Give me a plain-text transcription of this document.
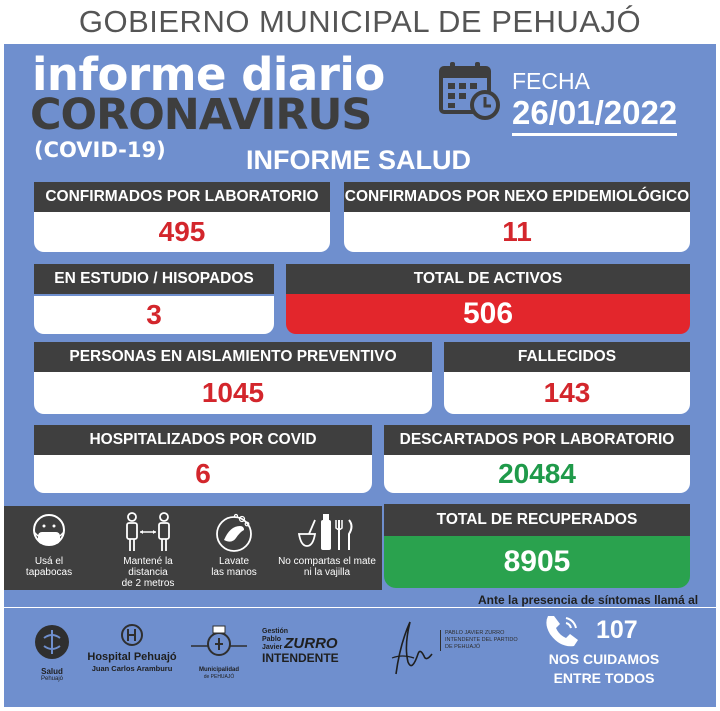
GOBIERNO MUNICIPAL DE PEHUAJÓ
informe diario
CORONAVIRUS
(COVID-19)
FECHA
26/01/2022
INFORME SALUD
CONFIRMADOS POR LABORATORIO
495
CONFIRMADOS POR NEXO EPIDEMIOLÓGICO
11
EN ESTUDIO / HISOPADOS
3
TOTAL DE ACTIVOS
506
PERSONAS EN AISLAMIENTO PREVENTIVO
1045
FALLECIDOS
143
HOSPITALIZADOS POR COVID
6
DESCARTADOS POR LABORATORIO
20484
Usá el
tapabocas
Mantené la distancia
de 2 metros
Lavate
las manos
No compartas el mate
ni la vajilla
TOTAL DE RECUPERADOS
8905
Ante la presencia de síntomas llamá al
Salud
Pehuajó
Hospital Pehuajó
Juan Carlos Aramburu	Municipalidad
de PEHUAJÓ
Gestión
Pablo
Javier ZURRO
INTENDENTE
PABLO JAVIER ZURRO
INTENDENTE DEL PARTIDO
DE PEHUAJÓ
107
NOS CUIDAMOS
ENTRE TODOS
